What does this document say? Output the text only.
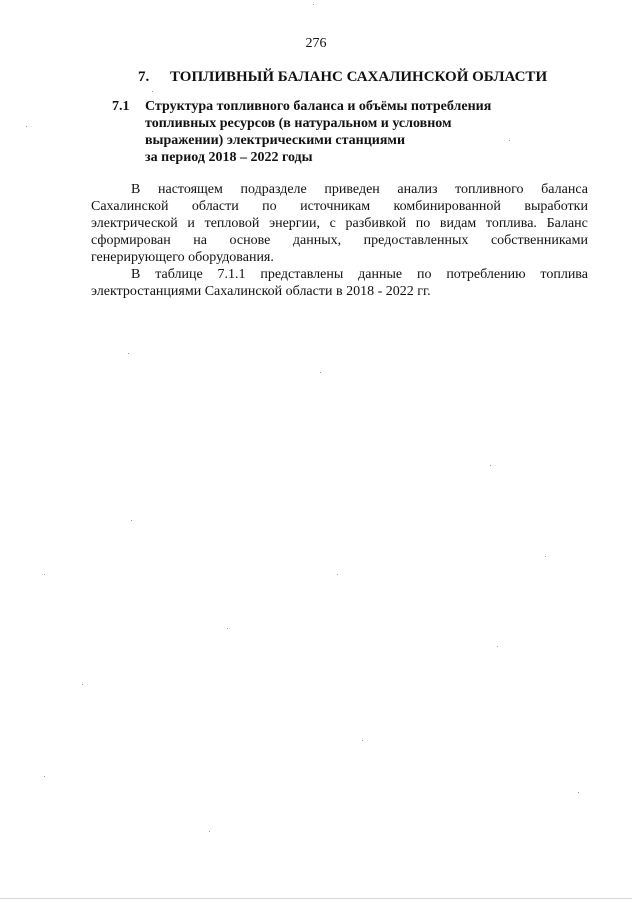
276
7. ТОПЛИВНЫЙ БАЛАНС САХАЛИНСКОЙ ОБЛАСТИ
7.1 Структура топливного баланса и объёмы потребления
топливных ресурсов (в натуральном и условном
выражении) электрическими станциями
за период 2018 – 2022 годы
В настоящем подразделе приведен анализ топливного баланса
Сахалинской области по источникам комбинированной выработки
электрической и тепловой энергии, с разбивкой по видам топлива. Баланс
сформирован на основе данных, предоставленных собственниками
генерирующего оборудования.
В таблице 7.1.1 представлены данные по потреблению топлива
электростанциями Сахалинской области в 2018 - 2022 гг.
